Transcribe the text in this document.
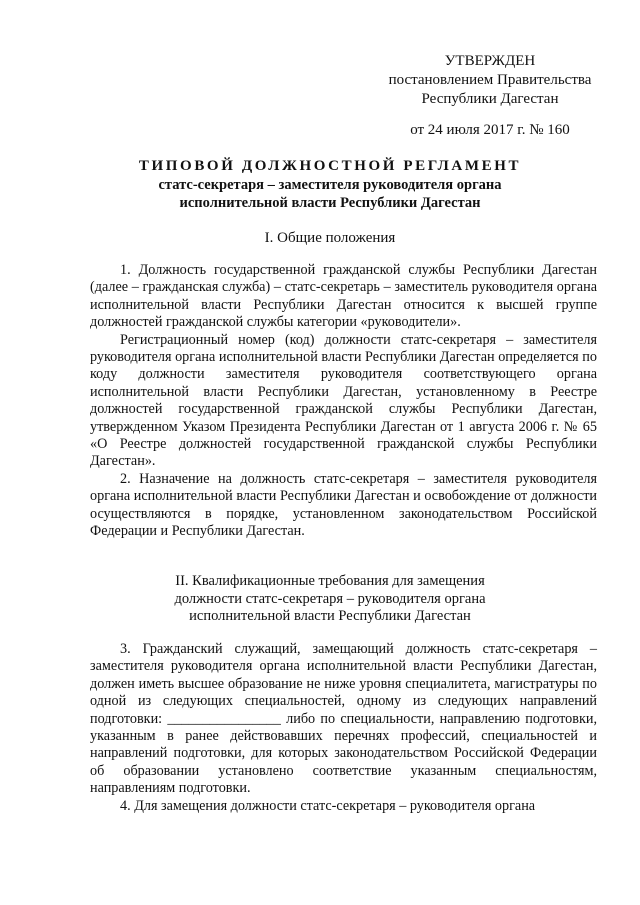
УТВЕРЖДЕН
постановлением Правительства
Республики Дагестан
от 24 июля 2017 г. № 160
ТИПОВОЙ ДОЛЖНОСТНОЙ РЕГЛАМЕНТ
статс-секретаря – заместителя руководителя органа
исполнительной власти Республики Дагестан
I. Общие положения

1. Должность государственной гражданской службы Республики Дагестан (далее – гражданская служба) – статс-секретарь – заместитель руководителя органа исполнительной власти Республики Дагестан относится к высшей группе должностей гражданской службы категории «руководители».

Регистрационный номер (код) должности статс-секретаря – заместителя руководителя органа исполнительной власти Республики Дагестан определяется по коду должности заместителя руководителя соответствующего органа исполнительной власти Республики Дагестан, установленному в Реестре должностей государственной гражданской службы Республики Дагестан, утвержденном Указом Президента Республики Дагестан от 1 августа 2006 г. № 65 «О Реестре должностей государственной гражданской службы Республики Дагестан».

2. Назначение на должность статс-секретаря – заместителя руководителя органа исполнительной власти Республики Дагестан и освобождение от должности осуществляются в порядке, установленном законодательством Российской Федерации и Республики Дагестан.

II. Квалификационные требования для замещения
должности статс-секретаря – руководителя органа
исполнительной власти Республики Дагестан

3. Гражданский служащий, замещающий должность статс-секретаря – заместителя руководителя органа исполнительной власти Республики Дагестан, должен иметь высшее образование не ниже уровня специалитета, магистратуры по одной из следующих специальностей, одному из следующих направлений подготовки: ________________ либо по специальности, направлению подготовки, указанным в ранее действовавших перечнях профессий, специальностей и направлений подготовки, для которых законодательством Российской Федерации об образовании установлено соответствие указанным специальностям, направлениям подготовки.

4. Для замещения должности статс-секретаря – руководителя органа
